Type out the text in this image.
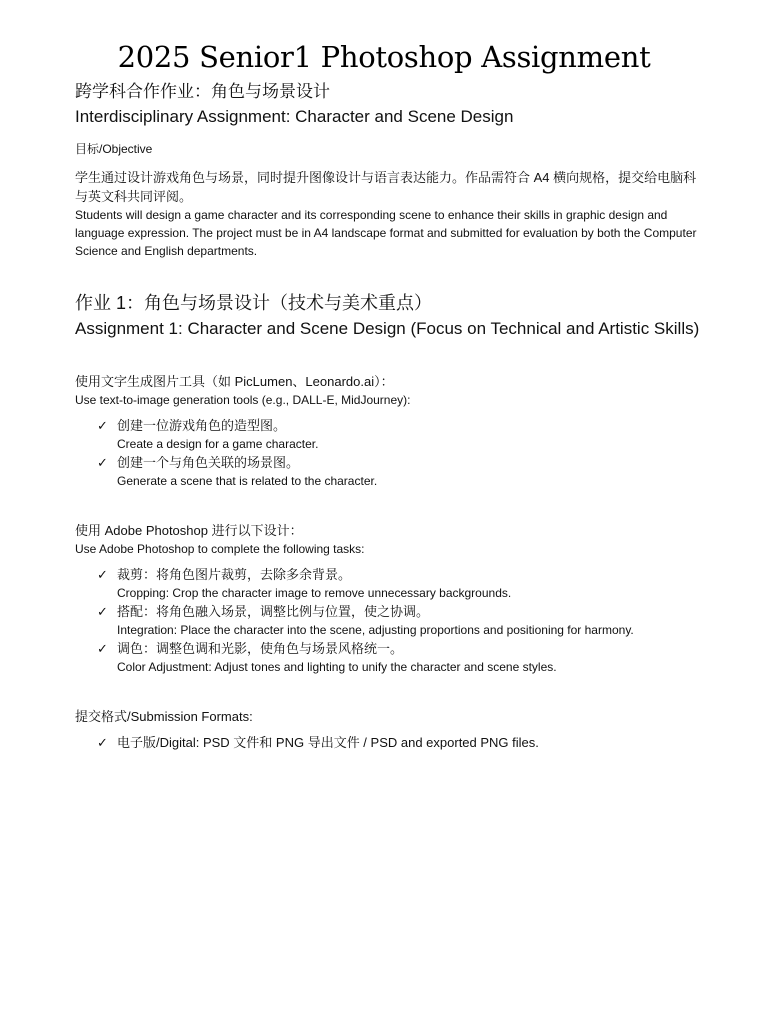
2025 Senior1 Photoshop Assignment

跨学科合作作业：角色与场景设计

Interdisciplinary Assignment: Character and Scene Design

目标/Objective

学生通过设计游戏角色与场景，同时提升图像设计与语言表达能力。作品需符合 A4 横向规格，提交给电脑科与英文科共同评阅。

Students will design a game character and its corresponding scene to enhance their skills in graphic design and language expression. The project must be in A4 landscape format and submitted for evaluation by both the Computer Science and English departments.

作业 1：角色与场景设计（技术与美术重点）

Assignment 1: Character and Scene Design (Focus on Technical and Artistic Skills)

使用文字生成图片工具（如 PicLumen、Leonardo.ai）：

Use text-to-image generation tools (e.g., DALL-E, MidJourney):

✓ 创建一位游戏角色的造型图。
Create a design for a game character.
✓ 创建一个与角色关联的场景图。
Generate a scene that is related to the character.

使用 Adobe Photoshop 进行以下设计：

Use Adobe Photoshop to complete the following tasks:

✓ 裁剪：将角色图片裁剪，去除多余背景。
Cropping: Crop the character image to remove unnecessary backgrounds.
✓ 搭配：将角色融入场景，调整比例与位置，使之协调。
Integration: Place the character into the scene, adjusting proportions and positioning for harmony.
✓ 调色：调整色调和光影，使角色与场景风格统一。
Color Adjustment: Adjust tones and lighting to unify the character and scene styles.

提交格式/Submission Formats:

✓ 电子版/Digital: PSD 文件和 PNG 导出文件 / PSD and exported PNG files.
